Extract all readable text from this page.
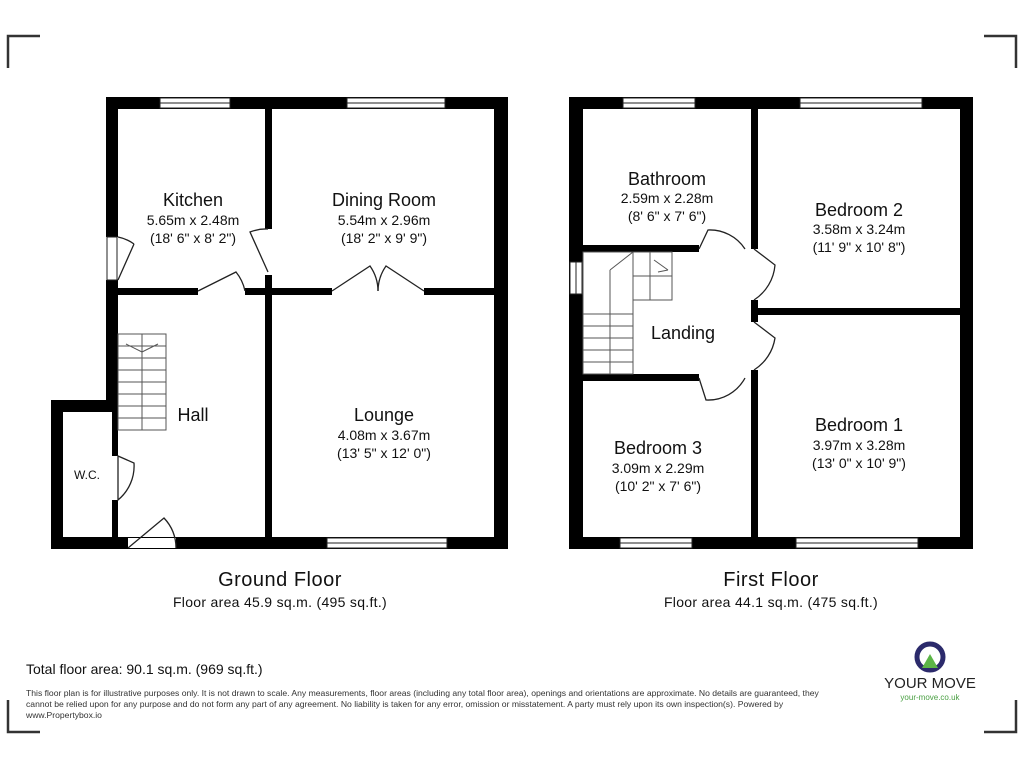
Kitchen
5.65m x 2.48m
(18' 6" x 8' 2")
Dining Room
5.54m x 2.96m
(18' 2" x 9' 9")
Hall	Lounge
4.08m x 3.67m
(13' 5" x 12' 0")
W.C.
Ground Floor
Floor area 45.9 sq.m. (495 sq.ft.)
Bathroom
2.59m x 2.28m
(8' 6" x 7' 6")	Bedroom 2
3.58m x 3.24m
(11' 9" x 10' 8")
Landing
Bedroom 3
3.09m x 2.29m
(10' 2" x 7' 6")
Bedroom 1
3.97m x 3.28m
(13' 0" x 10' 9")
First Floor
Floor area 44.1 sq.m. (475 sq.ft.)
Total floor area: 90.1 sq.m. (969 sq.ft.)
YOUR MOVE
your-move.co.uk
This floor plan is for illustrative purposes only. It is not drawn to scale. Any measurements, floor areas (including any total floor area), openings and orientations are approximate. No details are guaranteed, they cannot be relied upon for any purpose and do not form any part of any agreement. No liability is taken for any error, omission or misstatement. A party must rely upon its own inspection(s). Powered by www.Propertybox.io
